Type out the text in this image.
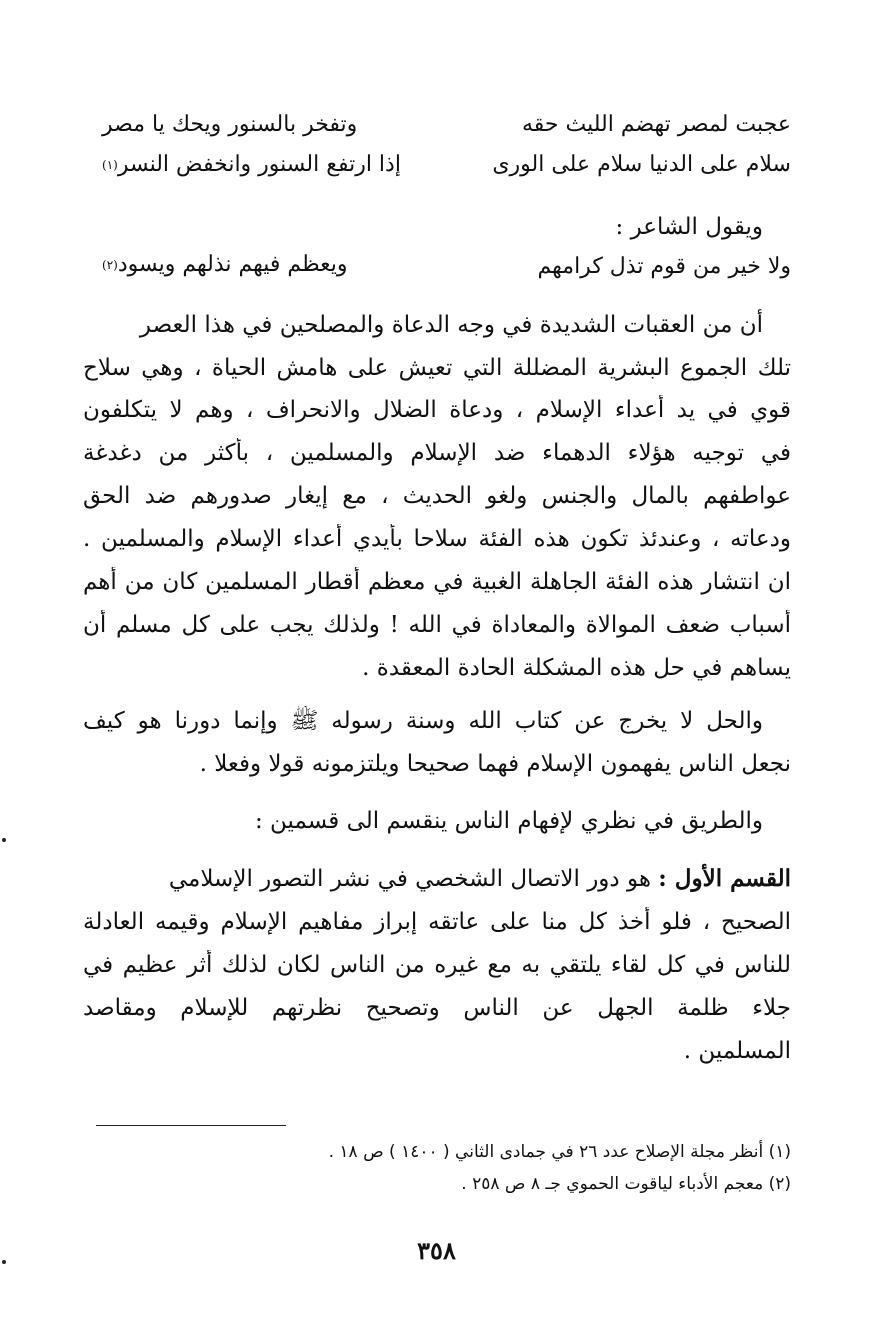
عجبت لمصر تهضم الليث حقه
وتفخر بالسنور ويحك يا مصر
سلام على الدنيا سلام على الورى
إذا ارتفع السنور وانخفض النسر$^{(١)}$
ويقول الشاعر :
ولا خير من قوم تذل كرامهم
ويعظم فيهم نذلهم ويسود$^{(٢)}$
أن من العقبات الشديدة في وجه الدعاة والمصلحين في هذا العصر
تلك الجموع البشرية المضللة التي تعيش على هامش الحياة ، وهي سلاح
قوي في يد أعداء الإسلام ، ودعاة الضلال والانحراف ، وهم لا يتكلفون
في توجيه هؤلاء الدهماء ضد الإسلام والمسلمين ، بأكثر من دغدغة
عواطفهم بالمال والجنس ولغو الحديث ، مع إيغار صدورهم ضد الحق
ودعاته ، وعندئذ تكون هذه الفئة سلاحا بأيدي أعداء الإسلام والمسلمين .
ان انتشار هذه الفئة الجاهلة الغبية في معظم أقطار المسلمين كان من أهم
أسباب ضعف الموالاة والمعاداة في الله ! ولذلك يجب على كل مسلم أن
يساهم في حل هذه المشكلة الحادة المعقدة .
والحل لا يخرج عن كتاب الله وسنة رسوله ﷺ وإنما دورنا هو كيف
نجعل الناس يفهمون الإسلام فهما صحيحا ويلتزمونه قولا وفعلا .
والطريق في نظري لإفهام الناس ينقسم الى قسمين :
القسم الأول : هو دور الاتصال الشخصي في نشر التصور الإسلامي
الصحيح ، فلو أخذ كل منا على عاتقه إبراز مفاهيم الإسلام وقيمه العادلة
للناس في كل لقاء يلتقي به مع غيره من الناس لكان لذلك أثر عظيم في
جلاء ظلمة الجهل عن الناس وتصحيح نظرتهم للإسلام ومقاصد
المسلمين .
(١) أنظر مجلة الإصلاح عدد ٢٦ في جمادى الثاني ( ١٤٠٠ ) ص ١٨ .
(٢) معجم الأدباء لياقوت الحموي جـ ٨ ص ٢٥٨ .
٣٥٨
